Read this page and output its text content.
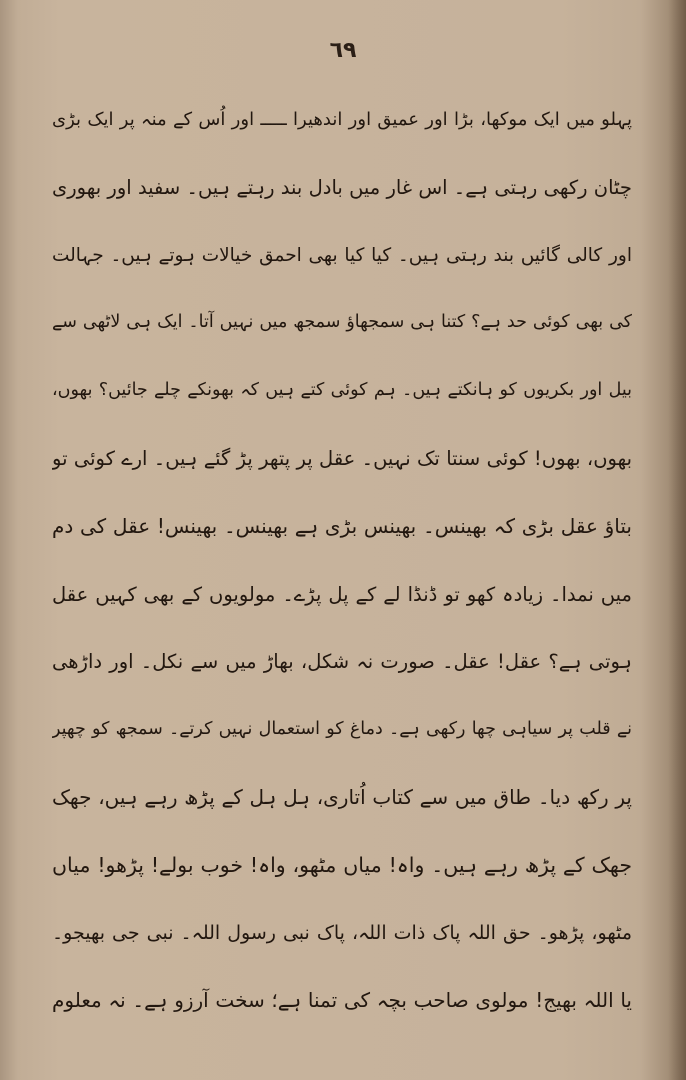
٦٩
پہلو میں ایک موکھا، بڑا اور عمیق اور اندھیرا ـــــ اور اُس کے منہ پر ایک بڑی
چٹان رکھی رہتی ہے۔ اس غار میں بادل بند رہتے ہیں۔ سفید اور بھوری
اور کالی گائیں بند رہتی ہیں۔ کیا کیا بھی احمق خیالات ہوتے ہیں۔ جہالت
کی بھی کوئی حد ہے؟ کتنا ہی سمجھاؤ سمجھ میں نہیں آتا۔ ایک ہی لاٹھی سے
بیل اور بکریوں کو ہانکتے ہیں۔ ہم کوئی کتے ہیں کہ بھونکے چلے جائیں؟ بھوں،
بھوں، بھوں! کوئی سنتا تک نہیں۔ عقل پر پتھر پڑ گئے ہیں۔ ارے کوئی تو
بتاؤ عقل بڑی کہ بھینس۔ بھینس بڑی ہے بھینس۔ بھینس! عقل کی دم
میں نمدا۔ زیادہ کھو تو ڈنڈا لے کے پل پڑے۔ مولویوں کے بھی کہیں عقل
ہوتی ہے؟ عقل! عقل۔ صورت نہ شکل، بھاڑ میں سے نکل۔ اور داڑھی
نے قلب پر سیاہی چھا رکھی ہے۔ دماغ کو استعمال نہیں کرتے۔ سمجھ کو چھپر
پر رکھ دیا۔ طاق میں سے کتاب اُتاری، ہل ہل کے پڑھ رہے ہیں، جھک
جھک کے پڑھ رہے ہیں۔ واہ! میاں مٹھو، واہ! خوب بولے! پڑھو! میاں
مٹھو، پڑھو۔ حق اللہ پاک ذات اللہ، پاک نبی رسول اللہ۔ نبی جی بھیجو۔
یا اللہ بھیج! مولوی صاحب بچہ کی تمنا ہے؛ سخت آرزو ہے۔ نہ معلوم
